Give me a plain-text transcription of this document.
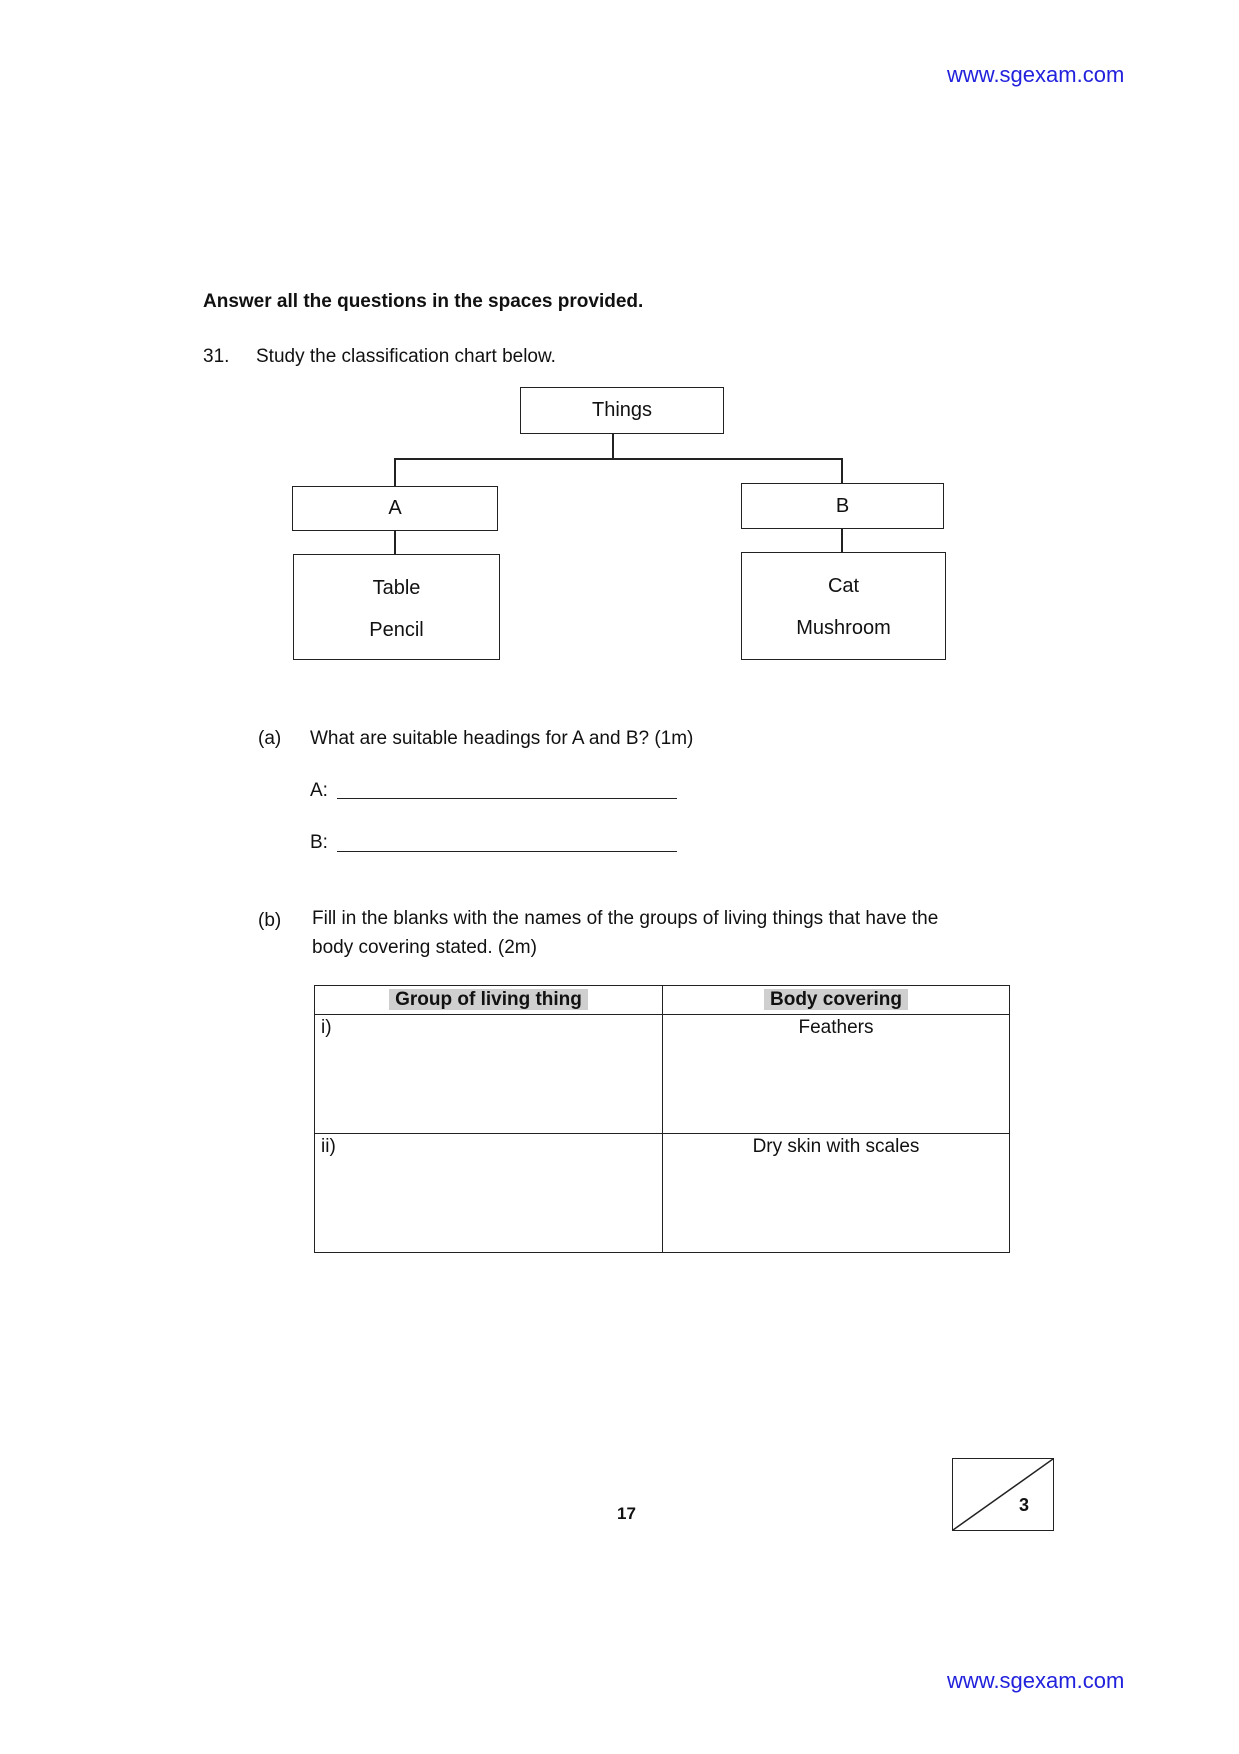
www.sgexam.com
www.sgexam.com
Answer all the questions in the spaces provided.
31. Study the classification chart below.
Things
A	B
Table
Pencil
Cat
Mushroom
(a) What are suitable headings for A and B? (1m)
A:
B:
(b) Fill in the blanks with the names of the groups of living things that have the
body covering stated. (2m)
Group of living thing	Body covering
i)	Feathers
ii)	Dry skin with scales
17	3
